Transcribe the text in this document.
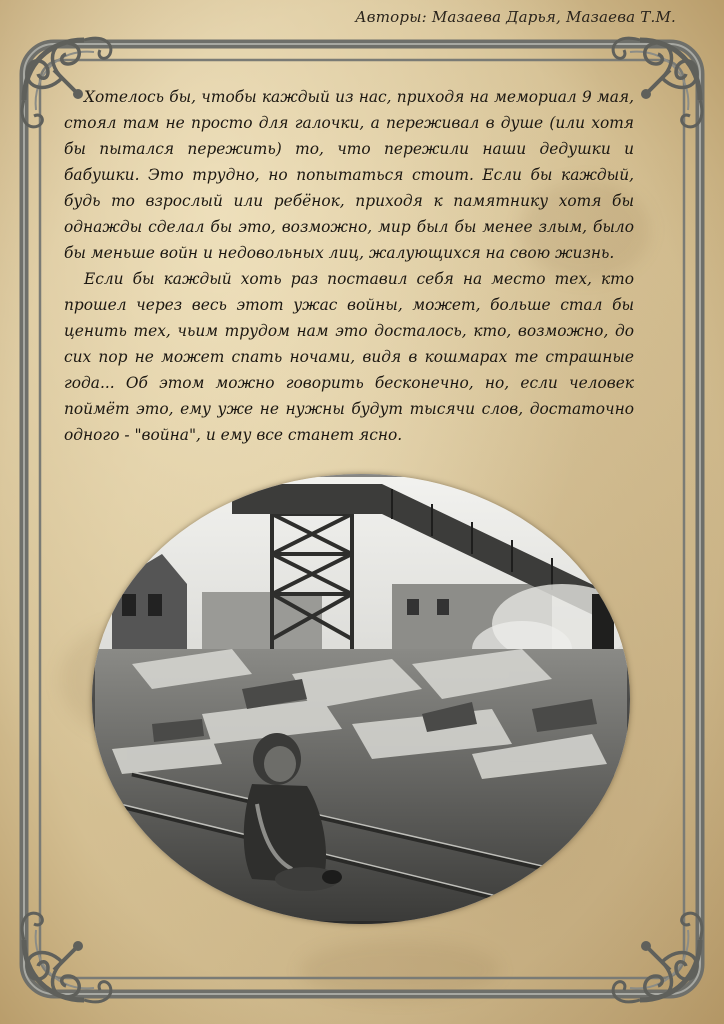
Авторы: Мазаева Дарья, Мазаева Т.М.

Хотелось бы, чтобы каждый из нас, приходя на мемориал 9 мая, стоял там не просто для галочки, а переживал в душе (или хотя бы пытался пережить) то, что пережили наши дедушки и бабушки. Это трудно, но попытаться стоит. Если бы каждый, будь то взрослый или ребёнок, приходя к памятнику хотя бы однажды сделал бы это, возможно, мир был бы менее злым, было бы меньше войн и недовольных лиц, жалующихся на свою жизнь.

Если бы каждый хоть раз поставил себя на место тех, кто прошел через весь этот ужас войны, может, больше стал бы ценить тех, чьим трудом нам это досталось, кто, возможно, до сих пор не может спать ночами, видя в кошмарах те страшные года... Об этом можно говорить бесконечно, но, если человек поймёт это, ему уже не нужны будут тысячи слов, достаточно одного - "война", и ему все станет ясно.
